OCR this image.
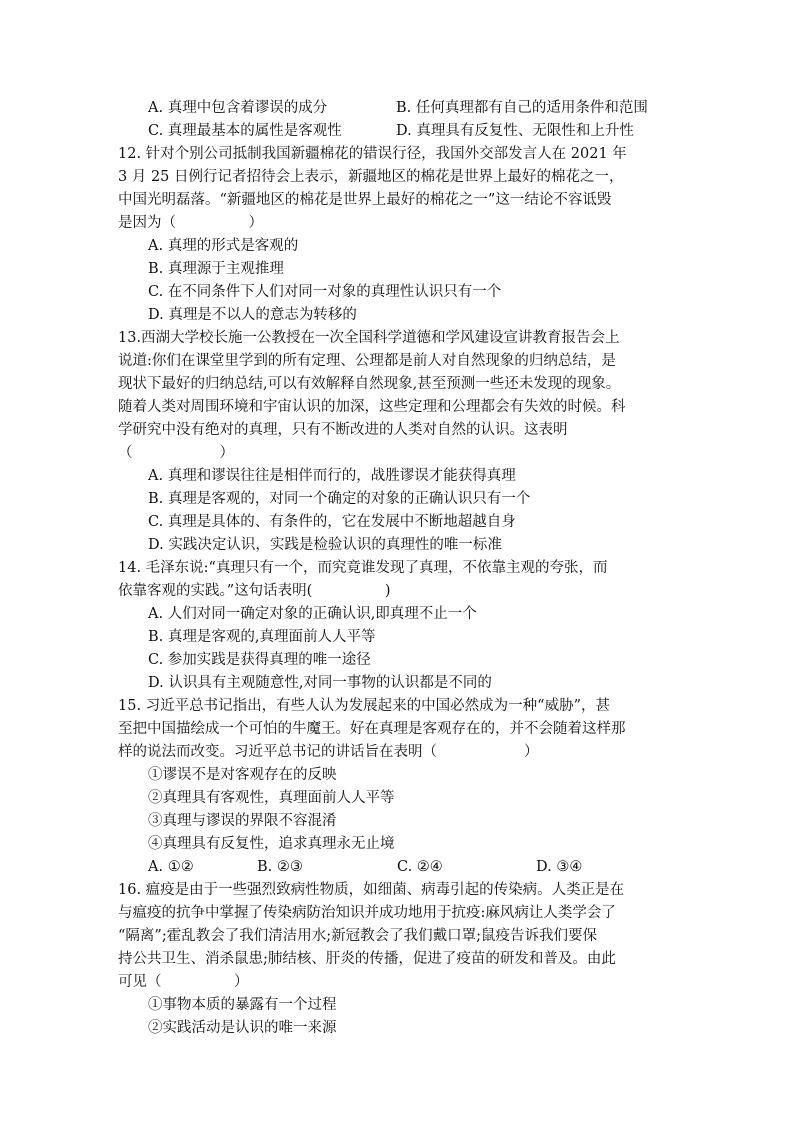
A. 真理中包含着谬误的成分	B. 任何真理都有自己的适用条件和范围
C. 真理最基本的属性是客观性	D. 真理具有反复性、无限性和上升性
12. 针对个别公司抵制我国新疆棉花的错误行径，我国外交部发言人在 2021 年
3 月 25 日例行记者招待会上表示，新疆地区的棉花是世界上最好的棉花之一，
中国光明磊落。“新疆地区的棉花是世界上最好的棉花之一”这一结论不容诋毁
是因为（　　　　　）
A. 真理的形式是客观的
B. 真理源于主观推理
C. 在不同条件下人们对同一对象的真理性认识只有一个
D. 真理是不以人的意志为转移的
13.西湖大学校长施一公教授在一次全国科学道德和学风建设宣讲教育报告会上
说道:你们在课堂里学到的所有定理、公理都是前人对自然现象的归纳总结，是
现状下最好的归纳总结,可以有效解释自然现象,甚至预测一些还未发现的现象。
随着人类对周围环境和宇宙认识的加深，这些定理和公理都会有失效的时候。科
学研究中没有绝对的真理，只有不断改进的人类对自然的认识。这表明
（　　　　　　）
A. 真理和谬误往往是相伴而行的，战胜谬误才能获得真理
B. 真理是客观的，对同一个确定的对象的正确认识只有一个
C. 真理是具体的、有条件的，它在发展中不断地超越自身
D. 实践决定认识，实践是检验认识的真理性的唯一标准
14. 毛泽东说:“真理只有一个，而究竟谁发现了真理，不依靠主观的夸张，而
依靠客观的实践。”这句话表明(　　　　　)
A. 人们对同一确定对象的正确认识,即真理不止一个
B. 真理是客观的,真理面前人人平等
C. 参加实践是获得真理的唯一途径
D. 认识具有主观随意性,对同一事物的认识都是不同的
15. 习近平总书记指出，有些人认为发展起来的中国必然成为一种“威胁”，甚
至把中国描绘成一个可怕的牛魔王。好在真理是客观存在的，并不会随着这样那
样的说法而改变。习近平总书记的讲话旨在表明（　　　　　　）
①谬误不是对客观存在的反映
②真理具有客观性，真理面前人人平等
③真理与谬误的界限不容混淆
④真理具有反复性，追求真理永无止境
A. ①②	B. ②③	C. ②④	D. ③④
16. 瘟疫是由于一些强烈致病性物质，如细菌、病毒引起的传染病。人类正是在
与瘟疫的抗争中掌握了传染病防治知识并成功地用于抗疫:麻风病让人类学会了
“隔离”;霍乱教会了我们清洁用水;新冠教会了我们戴口罩;鼠疫告诉我们要保
持公共卫生、消杀鼠患;肺结核、肝炎的传播，促进了疫苗的研发和普及。由此
可见（　　　　　）
①事物本质的暴露有一个过程
②实践活动是认识的唯一来源
